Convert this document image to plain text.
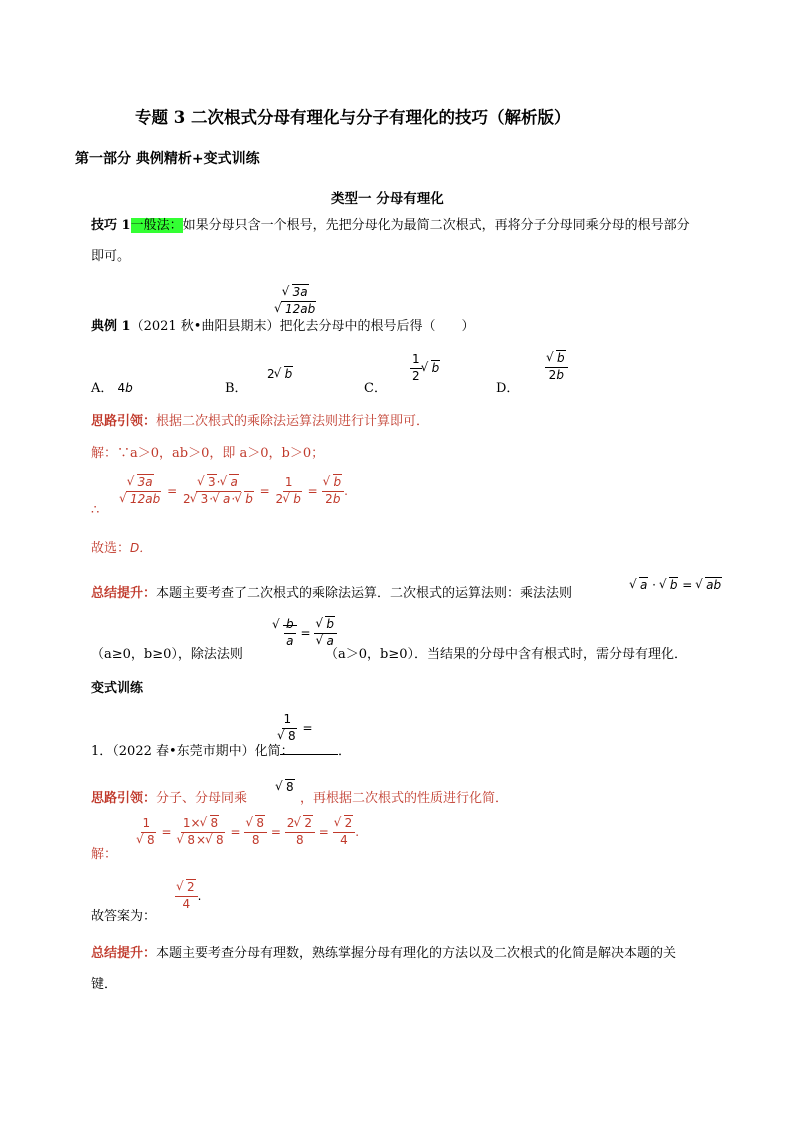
专题 3 二次根式分母有理化与分子有理化的技巧（解析版）
第一部分 典例精析+变式训练
类型一 分母有理化
技巧 1一般法：如果分母只含一个根号，先把分母化为最简二次根式，再将分子分母同乘分母的根号部分
即可。
典例 1（2021 秋•曲阳县期末）把化去分母中的根号后得（　　）
√ 3a
√ 12ab
A． 4b	B．
2 √ b
C．
$\frac{1}{2}$ √ b
D．
√ $\frac{b}{2b}$
思路引领：根据二次根式的乘除法运算法则进行计算即可．
解：∵a＞0，ab＞0，即 a＞0，b＞0；
∴
√ 3a
√ 12ab = √ $\frac{3\cdot √ a}{2 √ 3\cdot √ a\cdot √ b} = \frac{1}{2 √ b}$ = √ $\frac{b}{2b}$ .
故选：D．
总结提升：本题主要考查了二次根式的乘除法运算．二次根式的运算法则：乘法法则
√ a · √ b = √ ab
（a≥0，b≥0），除法法则
√ $\frac{b}{a}$ = √ b
√ a
（a＞0，b≥0）．当结果的分母中含有根式时，需分母有理化．
变式训练
1．（2022 春•东莞市期中）化简：
1
√ 8 =
．
思路引领：分子、分母同乘
√ 8
，再根据二次根式的性质进行化简．
解：
1
√ 8 = 1× √ 8
√ 8× √ 8 = √ $\frac{8}{8} = \frac{2 √ 2}{8}$ = √ $\frac{2}{4}$ .
故答案为：
√ $\frac{2}{4}$ .
总结提升：本题主要考查分母有理数，熟练掌握分母有理化的方法以及二次根式的化简是解决本题的关
键．
